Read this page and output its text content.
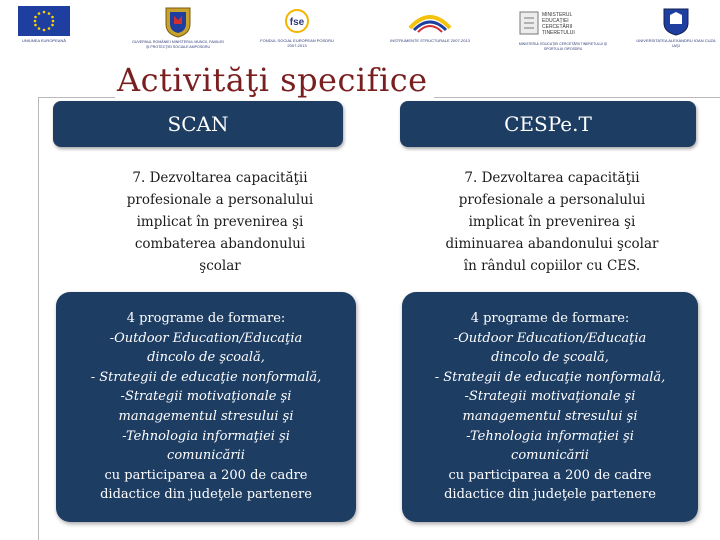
UNIUNEA EUROPEANĂ	GUVERNUL ROMÂNIEI MINISTERUL MUNCII, FAMILIEI ŞI PROTECŢIEI SOCIALE AMPOSDRU
fse
FONDUL SOCIAL EUROPEAN POSDRU 2007-2013
INSTRUMENTE STRUCTURALE 2007-2013
MINISTERUL
EDUCAŢIEI
CERCETĂRII
TINERETULUI
MINISTERUL EDUCAŢIEI CERCETĂRII TINERETULUI ŞI SPORTULUI OIPOSDRU
UNIVERSITATEA ALEXANDRU IOAN CUZA IAŞI
Activităţi specifice
SCAN
7. Dezvoltarea capacităţii
profesionale a personalului
implicat în prevenirea şi
combaterea abandonului
şcolar
4 programe de formare:
-Outdoor Education/Educaţia
dincolo de şcoală,
- Strategii de educaţie nonformală,
-Strategii motivaţionale şi
managementul stresului şi
-Tehnologia informaţiei şi
comunicării
cu participarea a 200 de cadre
didactice din judeţele partenere
CESPe.T
7. Dezvoltarea capacităţii
profesionale a personalului
implicat în prevenirea şi
diminuarea abandonului şcolar
în rândul copiilor cu CES.
4 programe de formare:
-Outdoor Education/Educaţia
dincolo de şcoală,
- Strategii de educaţie nonformală,
-Strategii motivaţionale şi
managementul stresului şi
-Tehnologia informaţiei şi
comunicării
cu participarea a 200 de cadre
didactice din judeţele partenere
